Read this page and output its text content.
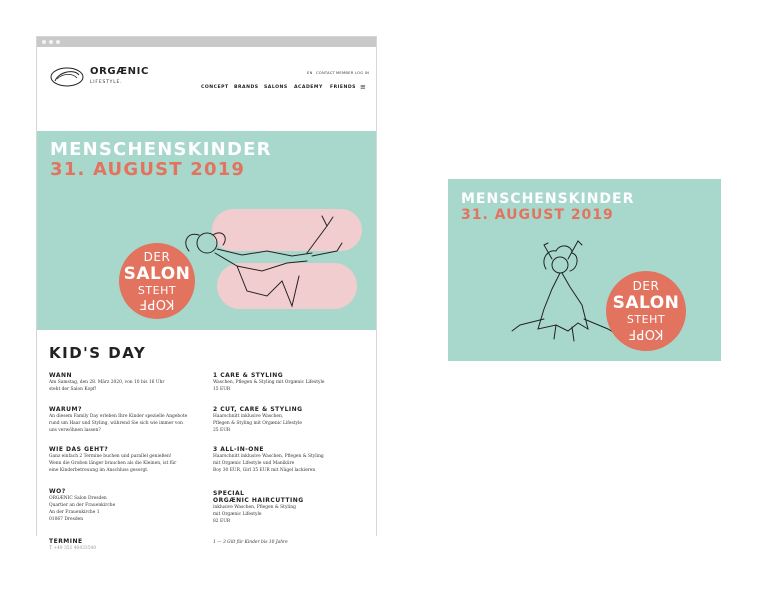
ORGÆNIC
LIFESTYLE.
EN CONTACT MEMBER LOG IN
CONCEPT BRANDS SALONS ACADEMY FRIENDS ≡
MENSCHENSKINDER
31. AUGUST 2019
DER
SALON
STEHT
KOPF
KID'S DAY
WANN
Am Samstag, den 28. März 2020, von 10 bis 16 Uhr
steht der Salon Kopf!
WARUM?
An diesem Family Day erleben Ihre Kinder spezielle Angebote
rund um Haar und Styling, während Sie sich wie immer von
uns verwöhnen lassen?
WIE DAS GEHT?
Ganz einfach 2 Termine buchen und parallel genießen!
Wenn die Großen länger brauchen als die Kleinen, ist für
eine Kinderbetreuung im Anschluss gesorgt.
WO?
ORGÆNIC Salon Dresden
Quartier an der Frauenkirche
An der Frauenkirche 1
01067 Dresden
TERMINE
T +49 351 40433540
1 CARE & STYLING
Waschen, Pflegen & Styling mit Orgænic Lifestyle
15 EUR
2 CUT, CARE & STYLING
Haarschnitt inklusive Waschen,
Pflegen & Styling mit Orgænic Lifestyle
25 EUR
3 ALL-IN-ONE
Haarschnitt inklusive Waschen, Pflegen & Styling
mit Orgænic Lifestyle und Maniküre
Boy 30 EUR, Girl 35 EUR mit Nägel lackieren
SPECIAL
ORGÆNIC HAIRCUTTING
inklusive Waschen, Pflegen & Styling
mit Orgænic Lifestyle
82 EUR
1 — 3 Gilt für Kinder bis 10 Jahre
MENSCHENSKINDER
31. AUGUST 2019
DER
SALON
STEHT
KOPF
